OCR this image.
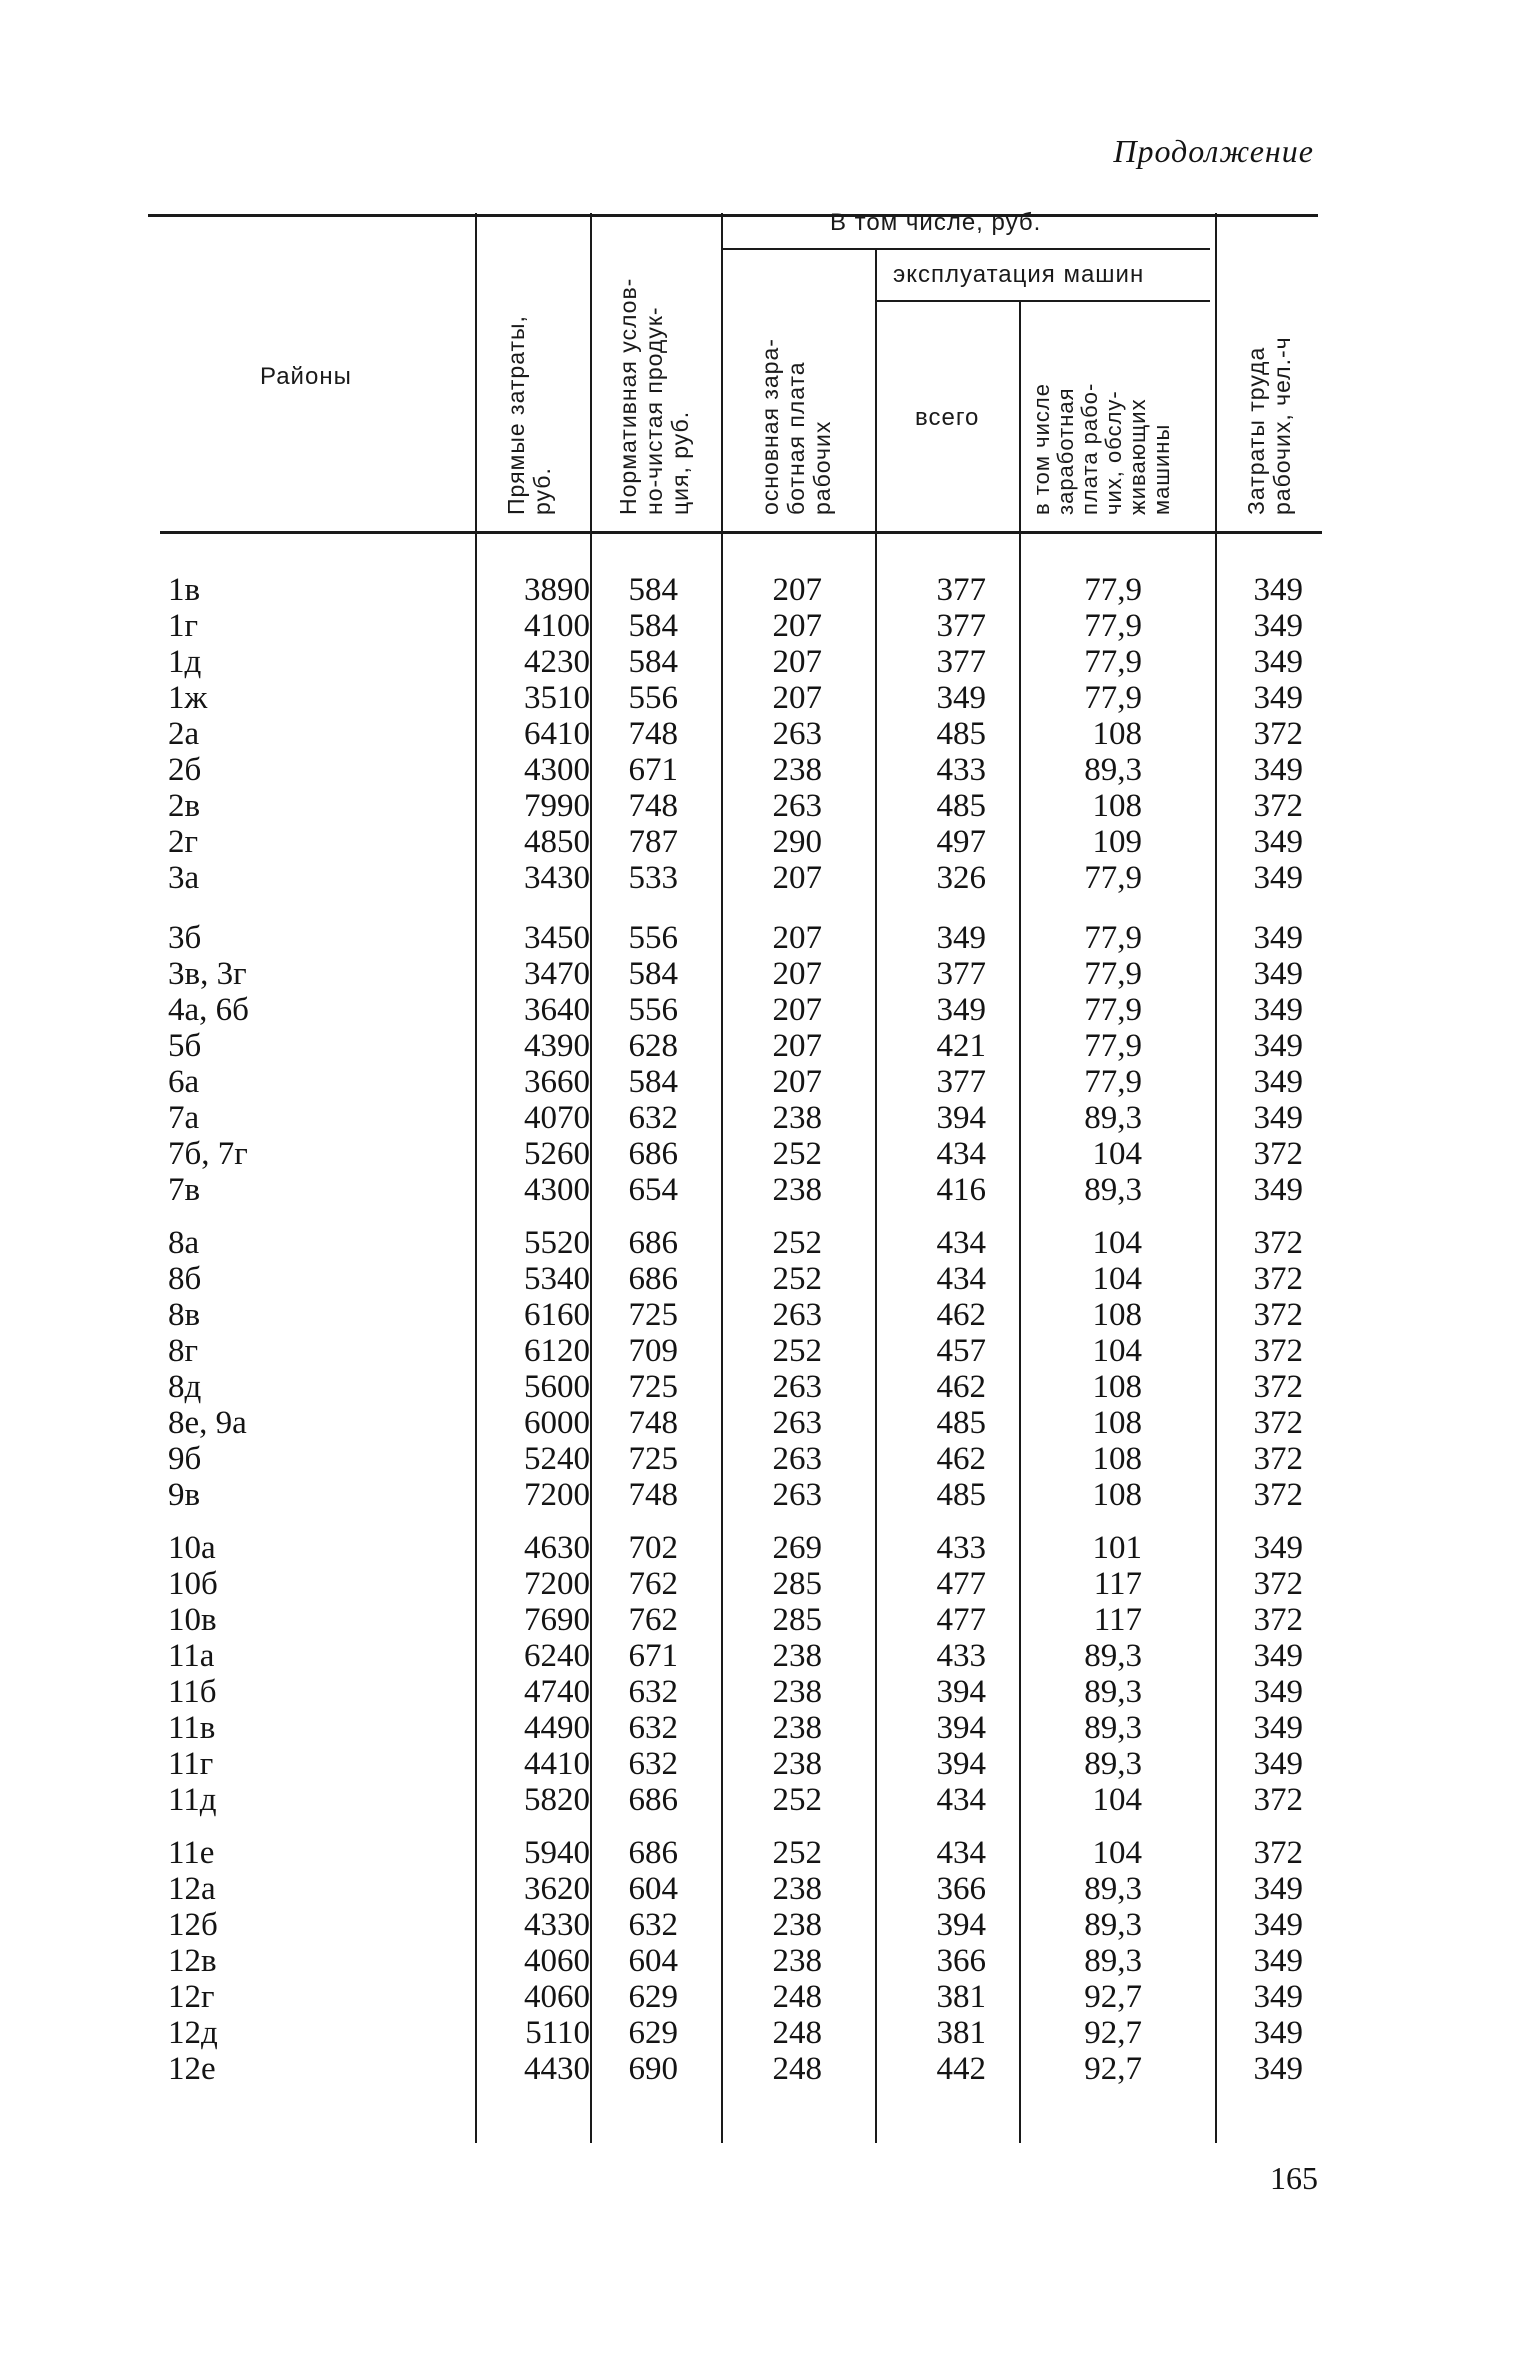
Продолжение
Районы
Прямые затраты,
руб.	Нормативная услов-
но-чистая продук-
ция, руб.
В том числе, руб.
основная зара-
ботная плата
рабочих
эксплуатация машин
всего
в том числе
заработная
плата рабо-
чих, обслу-
живающих
машины	Затраты труда
рабочих, чел.-ч
1в	3890 584	207	377	77,9	349
1г	4100 584	207	377	77,9	349
1д	4230 584	207	377	77,9	349
1ж	3510 556	207	349	77,9	349
2а	6410 748	263	485	108	372
2б	4300 671	238	433	89,3	349
2в	7990 748	263	485	108	372
2г	4850 787	290	497	109	349
3а	3430 533	207	326	77,9	349
3б	3450 556	207	349	77,9	349
3в, 3г	3470 584	207	377	77,9	349
4а, 6б	3640 556	207	349	77,9	349
5б	4390 628	207	421	77,9	349
6а	3660 584	207	377	77,9	349
7а	4070 632	238	394	89,3	349
7б, 7г	5260 686	252	434	104	372
7в	4300 654	238	416	89,3	349
8а	5520 686	252	434	104	372
8б	5340 686	252	434	104	372
8в	6160 725	263	462	108	372
8г	6120 709	252	457	104	372
8д	5600 725	263	462	108	372
8е, 9а	6000 748	263	485	108	372
9б	5240 725	263	462	108	372
9в	7200 748	263	485	108	372
10а	4630 702	269	433	101	349
10б	7200 762	285	477	117	372
10в	7690 762	285	477	117	372
11а	6240 671	238	433	89,3	349
11б	4740 632	238	394	89,3	349
11в	4490 632	238	394	89,3	349
11г	4410 632	238	394	89,3	349
11д	5820 686	252	434	104	372
11е	5940 686	252	434	104	372
12а	3620 604	238	366	89,3	349
12б	4330 632	238	394	89,3	349
12в	4060 604	238	366	89,3	349
12г	4060 629	248	381	92,7	349
12д	5110 629	248	381	92,7	349
12е	4430 690	248	442	92,7	349
165
